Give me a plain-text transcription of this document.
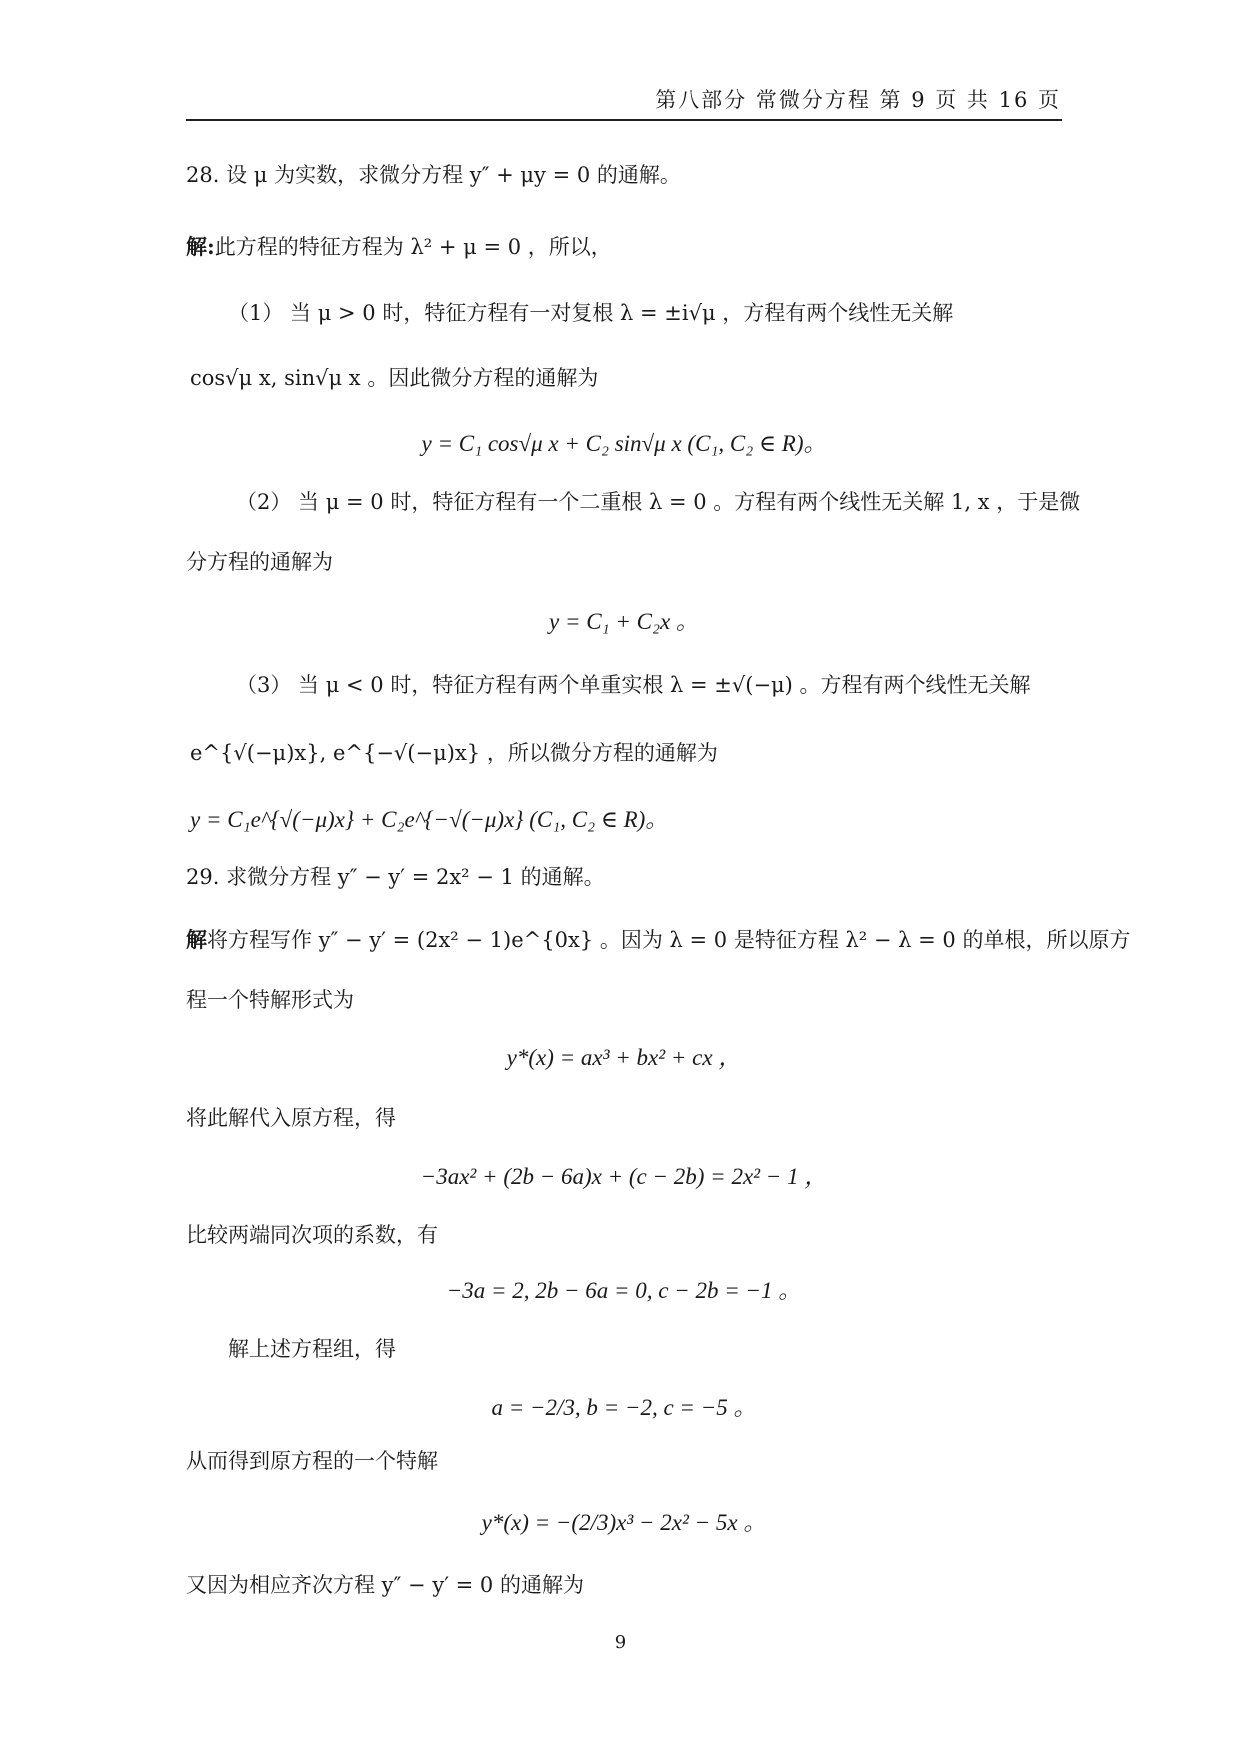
第八部分 常微分方程 第 9 页 共 16 页
28. 设 μ 为实数，求微分方程 y″ + μy = 0 的通解。
解:此方程的特征方程为 λ² + μ = 0 ，所以，
（1） 当 μ > 0 时，特征方程有一对复根 λ = ±i√μ ，方程有两个线性无关解
cos√μ x, sin√μ x 。因此微分方程的通解为
y = C₁ cos√μ x + C₂ sin√μ x (C₁, C₂ ∈ R)。
（2） 当 μ = 0 时，特征方程有一个二重根 λ = 0 。方程有两个线性无关解 1, x ，于是微
分方程的通解为
y = C₁ + C₂x 。
（3） 当 μ < 0 时，特征方程有两个单重实根 λ = ±√(−μ) 。方程有两个线性无关解
e^{√(−μ)x}, e^{−√(−μ)x} ，所以微分方程的通解为
y = C₁e^{√(−μ)x} + C₂e^{−√(−μ)x} (C₁, C₂ ∈ R)。
29. 求微分方程 y″ − y′ = 2x² − 1 的通解。
解将方程写作 y″ − y′ = (2x² − 1)e^{0x} 。因为 λ = 0 是特征方程 λ² − λ = 0 的单根，所以原方
程一个特解形式为
y*(x) = ax³ + bx² + cx ，
将此解代入原方程，得
−3ax² + (2b − 6a)x + (c − 2b) = 2x² − 1 ，
比较两端同次项的系数，有
−3a = 2, 2b − 6a = 0, c − 2b = −1 。
解上述方程组，得
a = −2/3, b = −2, c = −5 。
从而得到原方程的一个特解
y*(x) = −(2/3)x³ − 2x² − 5x 。
又因为相应齐次方程 y″ − y′ = 0 的通解为
9
